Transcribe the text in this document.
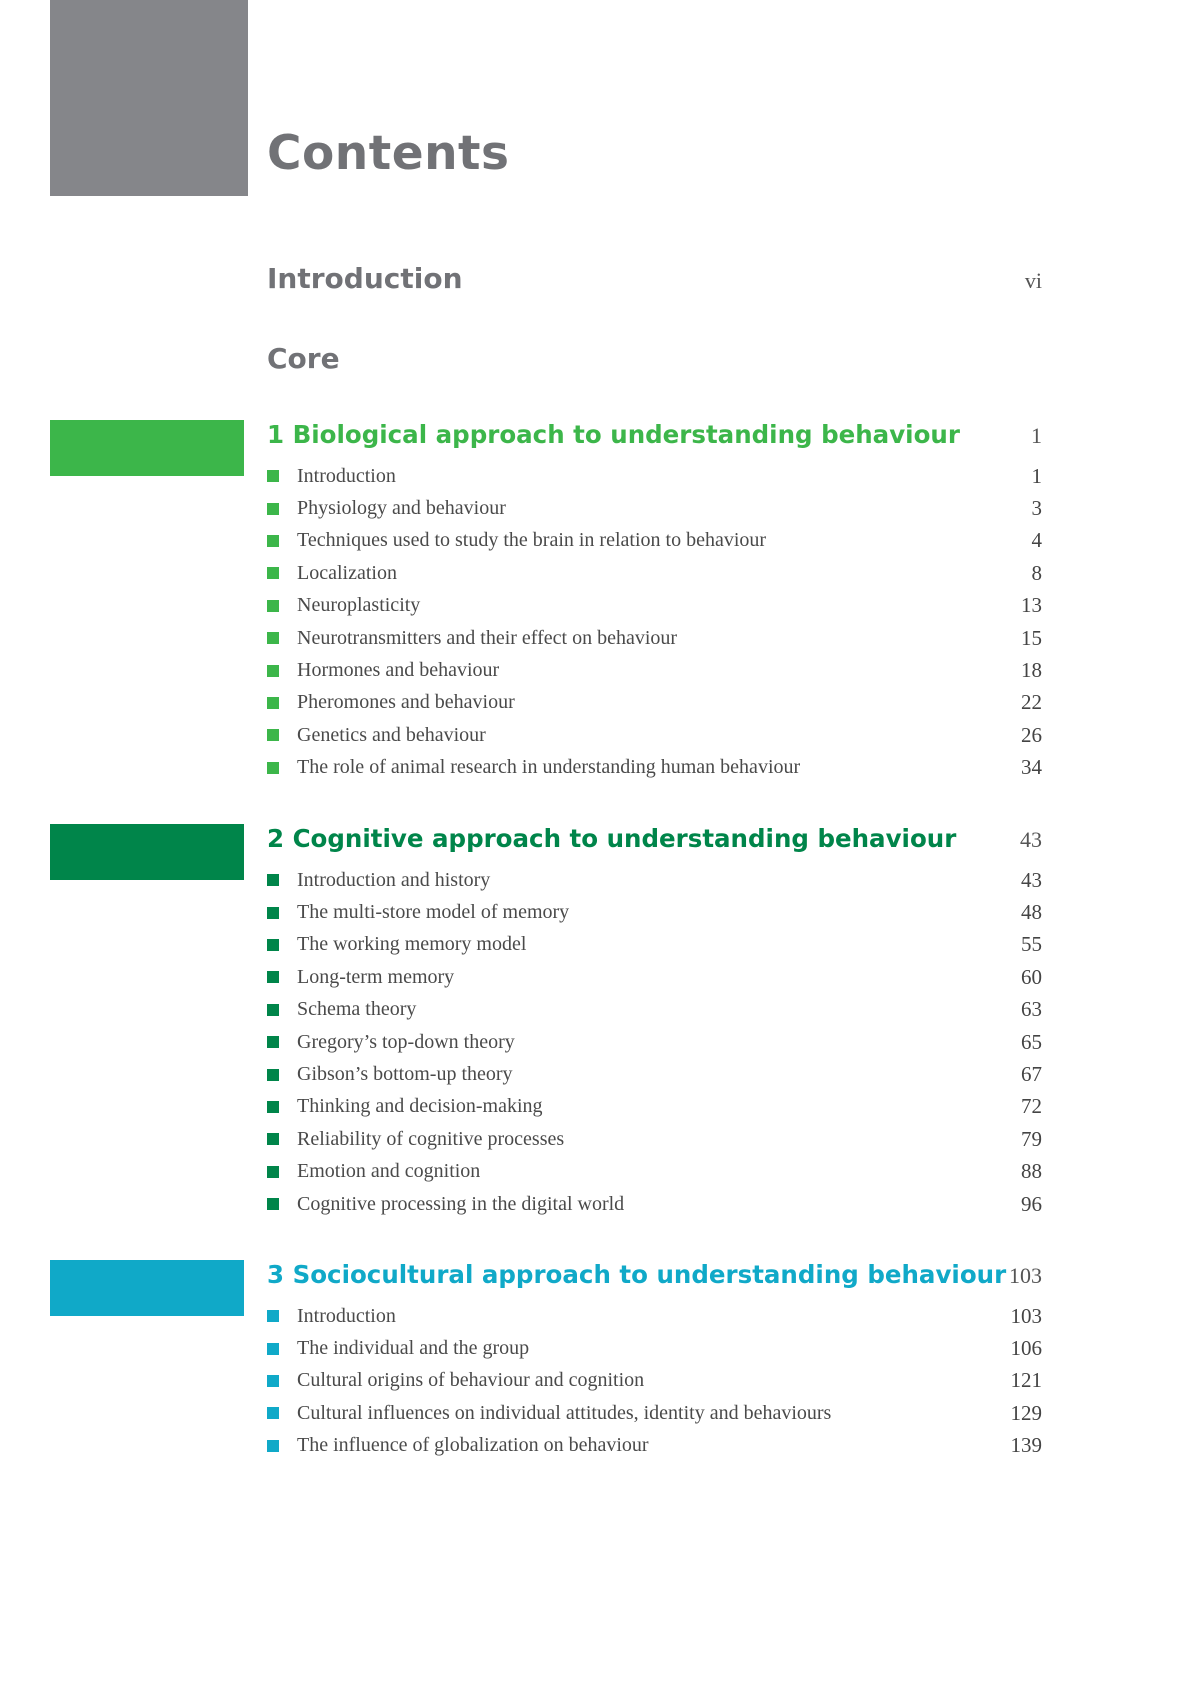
Contents
Introduction	vi
Core
1 Biological approach to understanding behaviour	1
Introduction	1
Physiology and behaviour	3
Techniques used to study the brain in relation to behaviour	4
Localization	8
Neuroplasticity	13
Neurotransmitters and their effect on behaviour	15
Hormones and behaviour	18
Pheromones and behaviour	22
Genetics and behaviour	26
The role of animal research in understanding human behaviour	34
2 Cognitive approach to understanding behaviour	43
Introduction and history	43
The multi-store model of memory	48
The working memory model	55
Long-term memory	60
Schema theory	63
Gregory’s top-down theory	65
Gibson’s bottom-up theory	67
Thinking and decision-making	72
Reliability of cognitive processes	79
Emotion and cognition	88
Cognitive processing in the digital world	96
3 Sociocultural approach to understanding behaviour 103
Introduction	103
The individual and the group	106
Cultural origins of behaviour and cognition	121
Cultural influences on individual attitudes, identity and behaviours	129
The influence of globalization on behaviour	139
